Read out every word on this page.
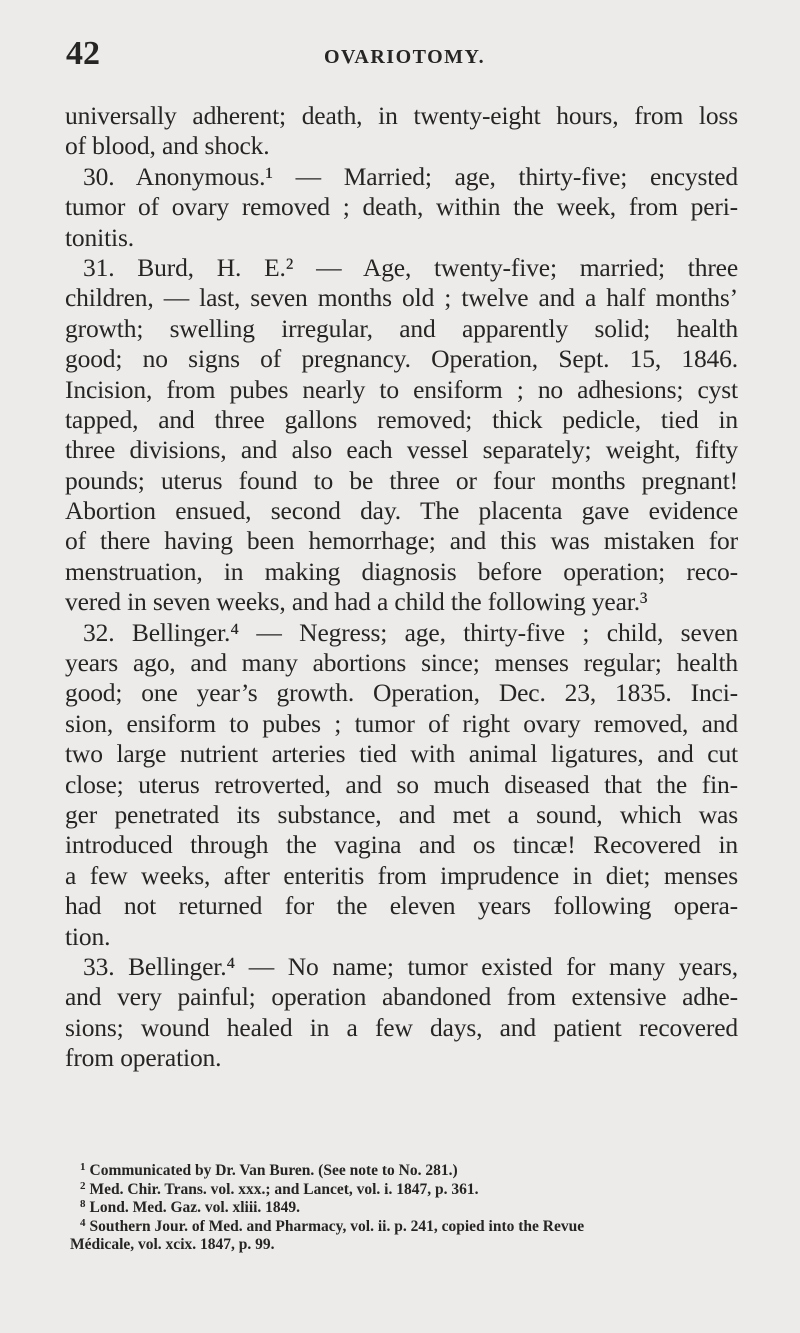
42	OVARIOTOMY.
universally adherent; death, in twenty-eight hours, from loss
of blood, and shock.
30. Anonymous.¹ — Married; age, thirty-five; encysted
tumor of ovary removed ; death, within the week, from peri-
tonitis.
31. Burd, H. E.² — Age, twenty-five; married; three
children, — last, seven months old ; twelve and a half months’
growth; swelling irregular, and apparently solid; health
good; no signs of pregnancy. Operation, Sept. 15, 1846.
Incision, from pubes nearly to ensiform ; no adhesions; cyst
tapped, and three gallons removed; thick pedicle, tied in
three divisions, and also each vessel separately; weight, fifty
pounds; uterus found to be three or four months pregnant!
Abortion ensued, second day. The placenta gave evidence
of there having been hemorrhage; and this was mistaken for
menstruation, in making diagnosis before operation; reco-
vered in seven weeks, and had a child the following year.³
32. Bellinger.⁴ — Negress; age, thirty-five ; child, seven
years ago, and many abortions since; menses regular; health
good; one year’s growth. Operation, Dec. 23, 1835. Inci-
sion, ensiform to pubes ; tumor of right ovary removed, and
two large nutrient arteries tied with animal ligatures, and cut
close; uterus retroverted, and so much diseased that the fin-
ger penetrated its substance, and met a sound, which was
introduced through the vagina and os tincæ! Recovered in
a few weeks, after enteritis from imprudence in diet; menses
had not returned for the eleven years following opera-
tion.
33. Bellinger.⁴ — No name; tumor existed for many years,
and very painful; operation abandoned from extensive adhe-
sions; wound healed in a few days, and patient recovered
from operation.
$^1$ Communicated by Dr. Van Buren. (See note to No. 281.)
$^2$ Med. Chir. Trans. vol. xxx.; and Lancet, vol. i. 1847, p. 361.
$^8$ Lond. Med. Gaz. vol. xliii. 1849.
$^4$ Southern Jour. of Med. and Pharmacy, vol. ii. p. 241, copied into the Revue
Médicale, vol. xcix. 1847, p. 99.
